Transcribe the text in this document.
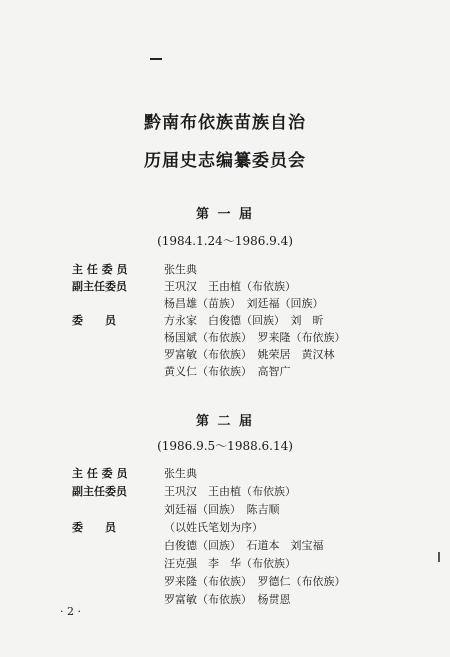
黔南布依族苗族自治
历届史志编纂委员会
第 一 届
(1984.1.24～1986.9.4)
主 任 委 员	张生典
副主任委员	王巩汉　王由植（布依族）
杨昌雄（苗族）　刘廷福（回族）
委　　员	方永家　白俊德（回族）　刘　昕
杨国斌（布依族）　罗来隆（布依族）
罗富敏（布依族）　姚荣居　黄汉林
黄义仁（布依族）　高智广
第 二 届
(1986.9.5～1988.6.14)
主 任 委 员	张生典
副主任委员	王巩汉　王由植（布依族）
刘廷福（回族）　陈吉顺
委　　员	（以姓氏笔划为序）
白俊德（回族）　石道本　刘宝福
汪克强　李　华（布依族）
罗来隆（布依族）　罗德仁（布依族）
罗富敏（布依族）　杨贯恩
· 2 ·
